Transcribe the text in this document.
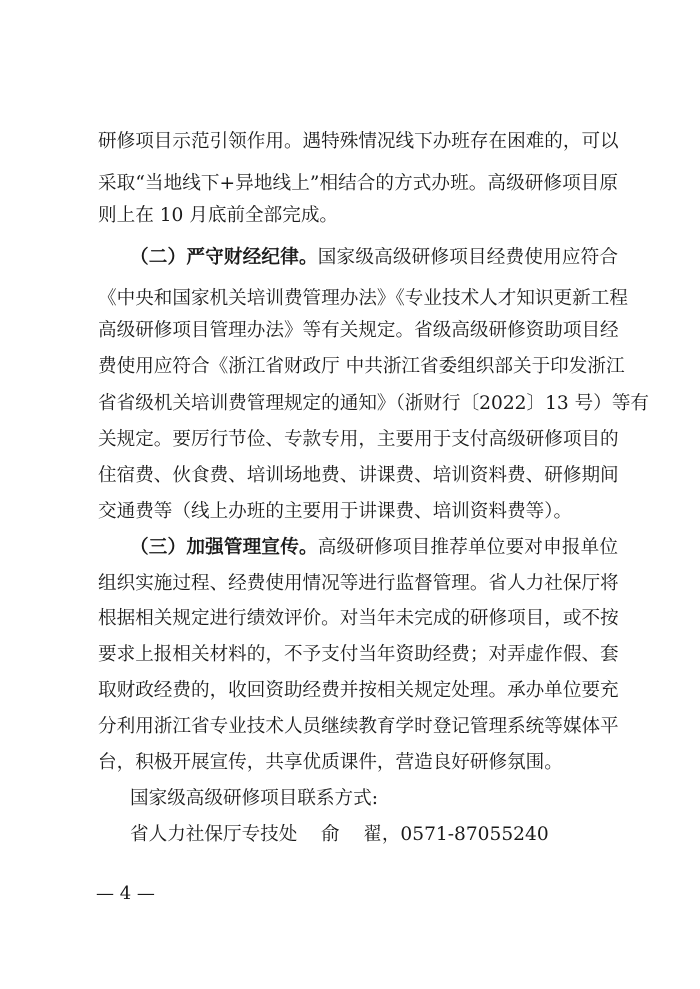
研修项目示范引领作用。遇特殊情况线下办班存在困难的，可以
采取“当地线下+异地线上”相结合的方式办班。高级研修项目原
则上在 10 月底前全部完成。
（二）严守财经纪律。国家级高级研修项目经费使用应符合
《中央和国家机关培训费管理办法》《专业技术人才知识更新工程
高级研修项目管理办法》等有关规定。省级高级研修资助项目经
费使用应符合《浙江省财政厅 中共浙江省委组织部关于印发浙江
省省级机关培训费管理规定的通知》（浙财行〔2022〕13 号）等有
关规定。要厉行节俭、专款专用，主要用于支付高级研修项目的
住宿费、伙食费、培训场地费、讲课费、培训资料费、研修期间
交通费等（线上办班的主要用于讲课费、培训资料费等）。
（三）加强管理宣传。高级研修项目推荐单位要对申报单位
组织实施过程、经费使用情况等进行监督管理。省人力社保厅将
根据相关规定进行绩效评价。对当年未完成的研修项目，或不按
要求上报相关材料的，不予支付当年资助经费；对弄虚作假、套
取财政经费的，收回资助经费并按相关规定处理。承办单位要充
分利用浙江省专业技术人员继续教育学时登记管理系统等媒体平
台，积极开展宣传，共享优质课件，营造良好研修氛围。
国家级高级研修项目联系方式:
省人力社保厅专技处    俞    翟，0571-87055240
— 4 —
